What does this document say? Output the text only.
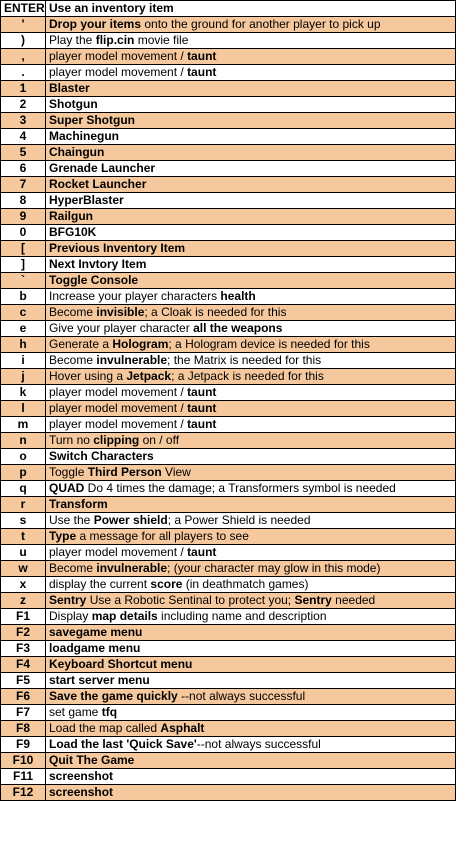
ENTER	Use an inventory item
'	Drop your items onto the ground for another player to pick up
)	Play the flip.cin movie file
,	player model movement / taunt
.	player model movement / taunt
1	Blaster
2	Shotgun
3	Super Shotgun
4	Machinegun
5	Chaingun
6	Grenade Launcher
7	Rocket Launcher
8	HyperBlaster
9	Railgun
0	BFG10K
[	Previous Inventory Item
]	Next Invtory Item
`	Toggle Console
b	Increase your player characters health
c	Become invisible; a Cloak is needed for this
e	Give your player character all the weapons
h	Generate a Hologram; a Hologram device is needed for this
i	Become invulnerable; the Matrix is needed for this
j	Hover using a Jetpack; a Jetpack is needed for this
k	player model movement / taunt
l	player model movement / taunt
m	player model movement / taunt
n	Turn no clipping on / off
o	Switch Characters
p	Toggle Third Person View
q	QUAD Do 4 times the damage; a Transformers symbol is needed
r	Transform
s	Use the Power shield; a Power Shield is needed
t	Type a message for all players to see
u	player model movement / taunt
w	Become invulnerable; (your character may glow in this mode)
x	display the current score (in deathmatch games)
z	Sentry Use a Robotic Sentinal to protect you; Sentry needed
F1	Display map details including name and description
F2	savegame menu
F3	loadgame menu
F4	Keyboard Shortcut menu
F5	start server menu
F6	Save the game quickly --not always successful
F7	set game tfq
F8	Load the map called Asphalt
F9	Load the last 'Quick Save'--not always successful
F10	Quit The Game
F11	screenshot
F12	screenshot
